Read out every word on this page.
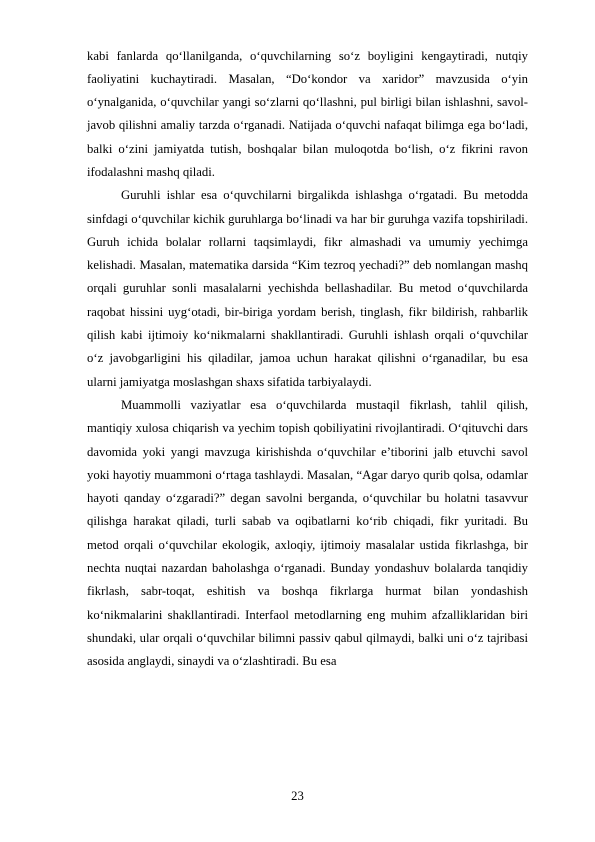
kabi fanlarda qo‘llanilganda, o‘quvchilarning so‘z boyligini kengaytiradi, nutqiy faoliyatini kuchaytiradi. Masalan, “Do‘kondor va xaridor” mavzusida o‘yin o‘ynalganida, o‘quvchilar yangi so‘zlarni qo‘llashni, pul birligi bilan ishlashni, savol-javob qilishni amaliy tarzda o‘rganadi. Natijada o‘quvchi nafaqat bilimga ega bo‘ladi, balki o‘zini jamiyatda tutish, boshqalar bilan muloqotda bo‘lish, o‘z fikrini ravon ifodalashni mashq qiladi.

Guruhli ishlar esa o‘quvchilarni birgalikda ishlashga o‘rgatadi. Bu metodda sinfdagi o‘quvchilar kichik guruhlarga bo‘linadi va har bir guruhga vazifa topshiriladi. Guruh ichida bolalar rollarni taqsimlaydi, fikr almashadi va umumiy yechimga kelishadi. Masalan, matematika darsida “Kim tezroq yechadi?” deb nomlangan mashq orqali guruhlar sonli masalalarni yechishda bellashadilar. Bu metod o‘quvchilarda raqobat hissini uyg‘otadi, bir-biriga yordam berish, tinglash, fikr bildirish, rahbarlik qilish kabi ijtimoiy ko‘nikmalarni shakllantiradi. Guruhli ishlash orqali o‘quvchilar o‘z javobgarligini his qiladilar, jamoa uchun harakat qilishni o‘rganadilar, bu esa ularni jamiyatga moslashgan shaxs sifatida tarbiyalaydi.

Muammolli vaziyatlar esa o‘quvchilarda mustaqil fikrlash, tahlil qilish, mantiqiy xulosa chiqarish va yechim topish qobiliyatini rivojlantiradi. O‘qituvchi dars davomida yoki yangi mavzuga kirishishda o‘quvchilar e’tiborini jalb etuvchi savol yoki hayotiy muammoni o‘rtaga tashlaydi. Masalan, “Agar daryo qurib qolsa, odamlar hayoti qanday o‘zgaradi?” degan savolni berganda, o‘quvchilar bu holatni tasavvur qilishga harakat qiladi, turli sabab va oqibatlarni ko‘rib chiqadi, fikr yuritadi. Bu metod orqali o‘quvchilar ekologik, axloqiy, ijtimoiy masalalar ustida fikrlashga, bir nechta nuqtai nazardan baholashga o‘rganadi. Bunday yondashuv bolalarda tanqidiy fikrlash, sabr-toqat, eshitish va boshqa fikrlarga hurmat bilan yondashish ko‘nikmalarini shakllantiradi. Interfaol metodlarning eng muhim afzalliklaridan biri shundaki, ular orqali o‘quvchilar bilimni passiv qabul qilmaydi, balki uni o‘z tajribasi asosida anglaydi, sinaydi va o‘zlashtiradi. Bu esa

23
